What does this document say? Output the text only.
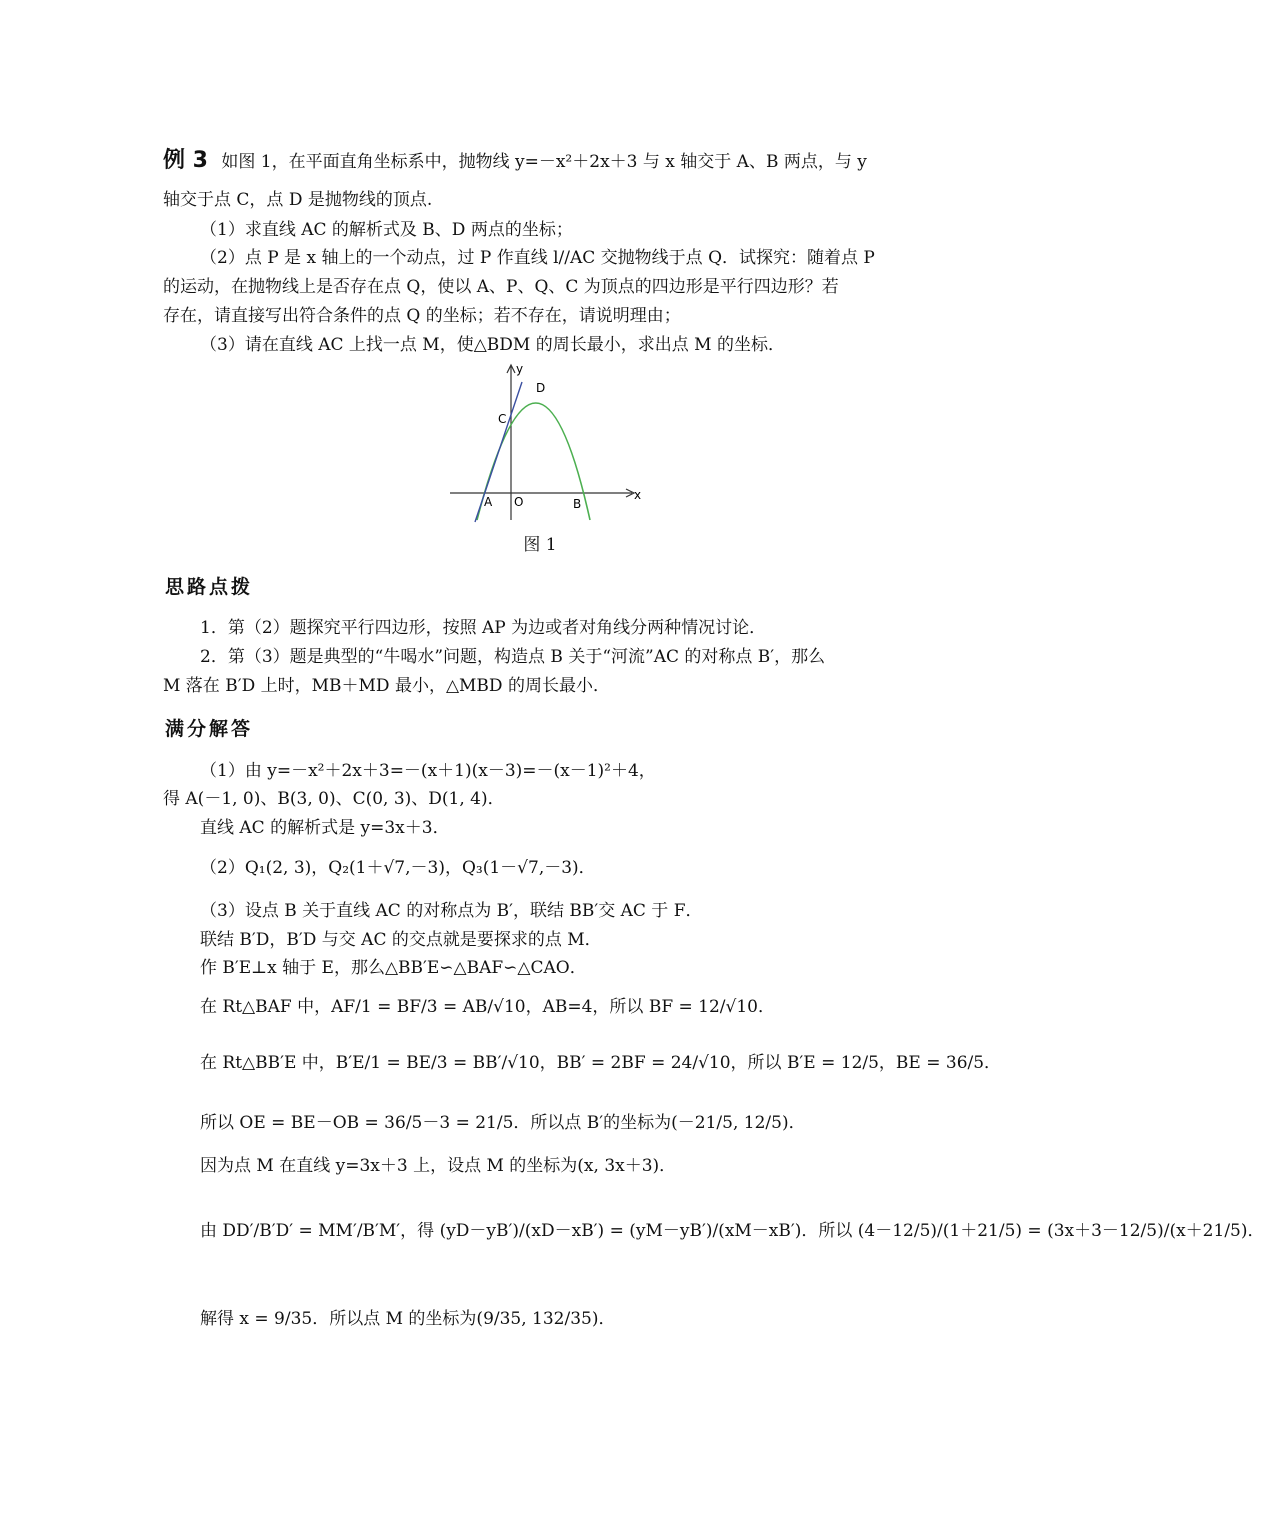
例 3 如图 1，在平面直角坐标系中，抛物线 y=－x²＋2x＋3 与 x 轴交于 A、B 两点，与 y
轴交于点 C，点 D 是抛物线的顶点.
（1）求直线 AC 的解析式及 B、D 两点的坐标；
（2）点 P 是 x 轴上的一个动点，过 P 作直线 l//AC 交抛物线于点 Q．试探究：随着点 P
的运动，在抛物线上是否存在点 Q，使以 A、P、Q、C 为顶点的四边形是平行四边形？若
存在，请直接写出符合条件的点 Q 的坐标；若不存在，请说明理由；
（3）请在直线 AC 上找一点 M，使△BDM 的周长最小，求出点 M 的坐标．
y
x
D
C
A O	B
图 1
思路点拨
1．第（2）题探究平行四边形，按照 AP 为边或者对角线分两种情况讨论．
2．第（3）题是典型的“牛喝水”问题，构造点 B 关于“河流”AC 的对称点 B′，那么
M 落在 B′D 上时，MB＋MD 最小，△MBD 的周长最小．
满分解答
（1）由 y=－x²＋2x＋3=－(x＋1)(x－3)=－(x－1)²＋4，
得 A(－1, 0)、B(3, 0)、C(0, 3)、D(1, 4)．
直线 AC 的解析式是 y=3x＋3．
（2）Q₁(2, 3)，Q₂(1＋√7,－3)，Q₃(1－√7,－3)．
（3）设点 B 关于直线 AC 的对称点为 B′，联结 BB′交 AC 于 F．
联结 B′D，B′D 与交 AC 的交点就是要探求的点 M．
作 B′E⊥x 轴于 E，那么△BB′E∽△BAF∽△CAO．
在 Rt△BAF 中，AF/1 = BF/3 = AB/√10，AB=4，所以 BF = 12/√10．
在 Rt△BB′E 中，B′E/1 = BE/3 = BB′/√10，BB′ = 2BF = 24/√10，所以 B′E = 12/5，BE = 36/5．
所以 OE = BE－OB = 36/5－3 = 21/5．所以点 B′的坐标为(－21/5, 12/5)．
因为点 M 在直线 y=3x＋3 上，设点 M 的坐标为(x, 3x＋3)．
由 DD′/B′D′ = MM′/B′M′，得 (yD－yB′)/(xD－xB′) = (yM－yB′)/(xM－xB′)．所以 (4－12/5)/(1＋21/5) = (3x＋3－12/5)/(x＋21/5)．
解得 x = 9/35．所以点 M 的坐标为(9/35, 132/35)．
